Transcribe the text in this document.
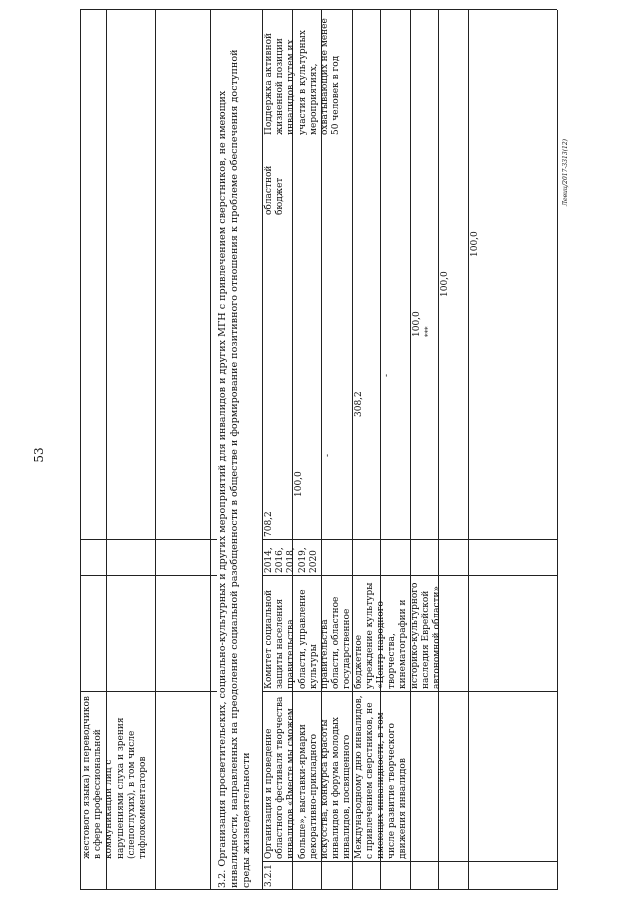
53
жестового языка) и переводчиков в сфере профессиональной коммуникации лиц с нарушениями слуха и зрения (слепоглухих), в том числе тифлокомментаторов	3.2. Организация просветительских, социально-культурных и других мероприятий для инвалидов и других МГН с привлечением сверстников, не имеющих инвалидности, направленных на преодоление социальной разобщенности в обществе и формирование позитивного отношения к проблеме обеспечения доступной среды жизнедеятельности 3.2.1
Организация и проведение областного фестиваля творчества инвалидов «Вместе мы сможем больше», выставки-ярмарки декоративно-прикладного искусства, конкурса красоты инвалидов и форума молодых инвалидов, посвященного Международному дню инвалидов, с привлечением сверстников, не имеющих инвалидности, в том числе развитие творческого движения инвалидов
Комитет социальной защиты населения правительства области, управление культуры правительства области, областное государственное бюджетное учреждение культуры «Центр народного творчества, кинематографии и историко-культурного наследия Еврейской автономной области»
2014, 2016, 2018, 2019, 2020
708,2
100,0
-
308,2
-
100,0 ***
100,0
100,0
областной бюджет
Поддержка активной жизненной позиции инвалидов путем их участия в культурных мероприятиях, охватывающих не менее 50 человек в год
Левиц/2017-3313(12)
